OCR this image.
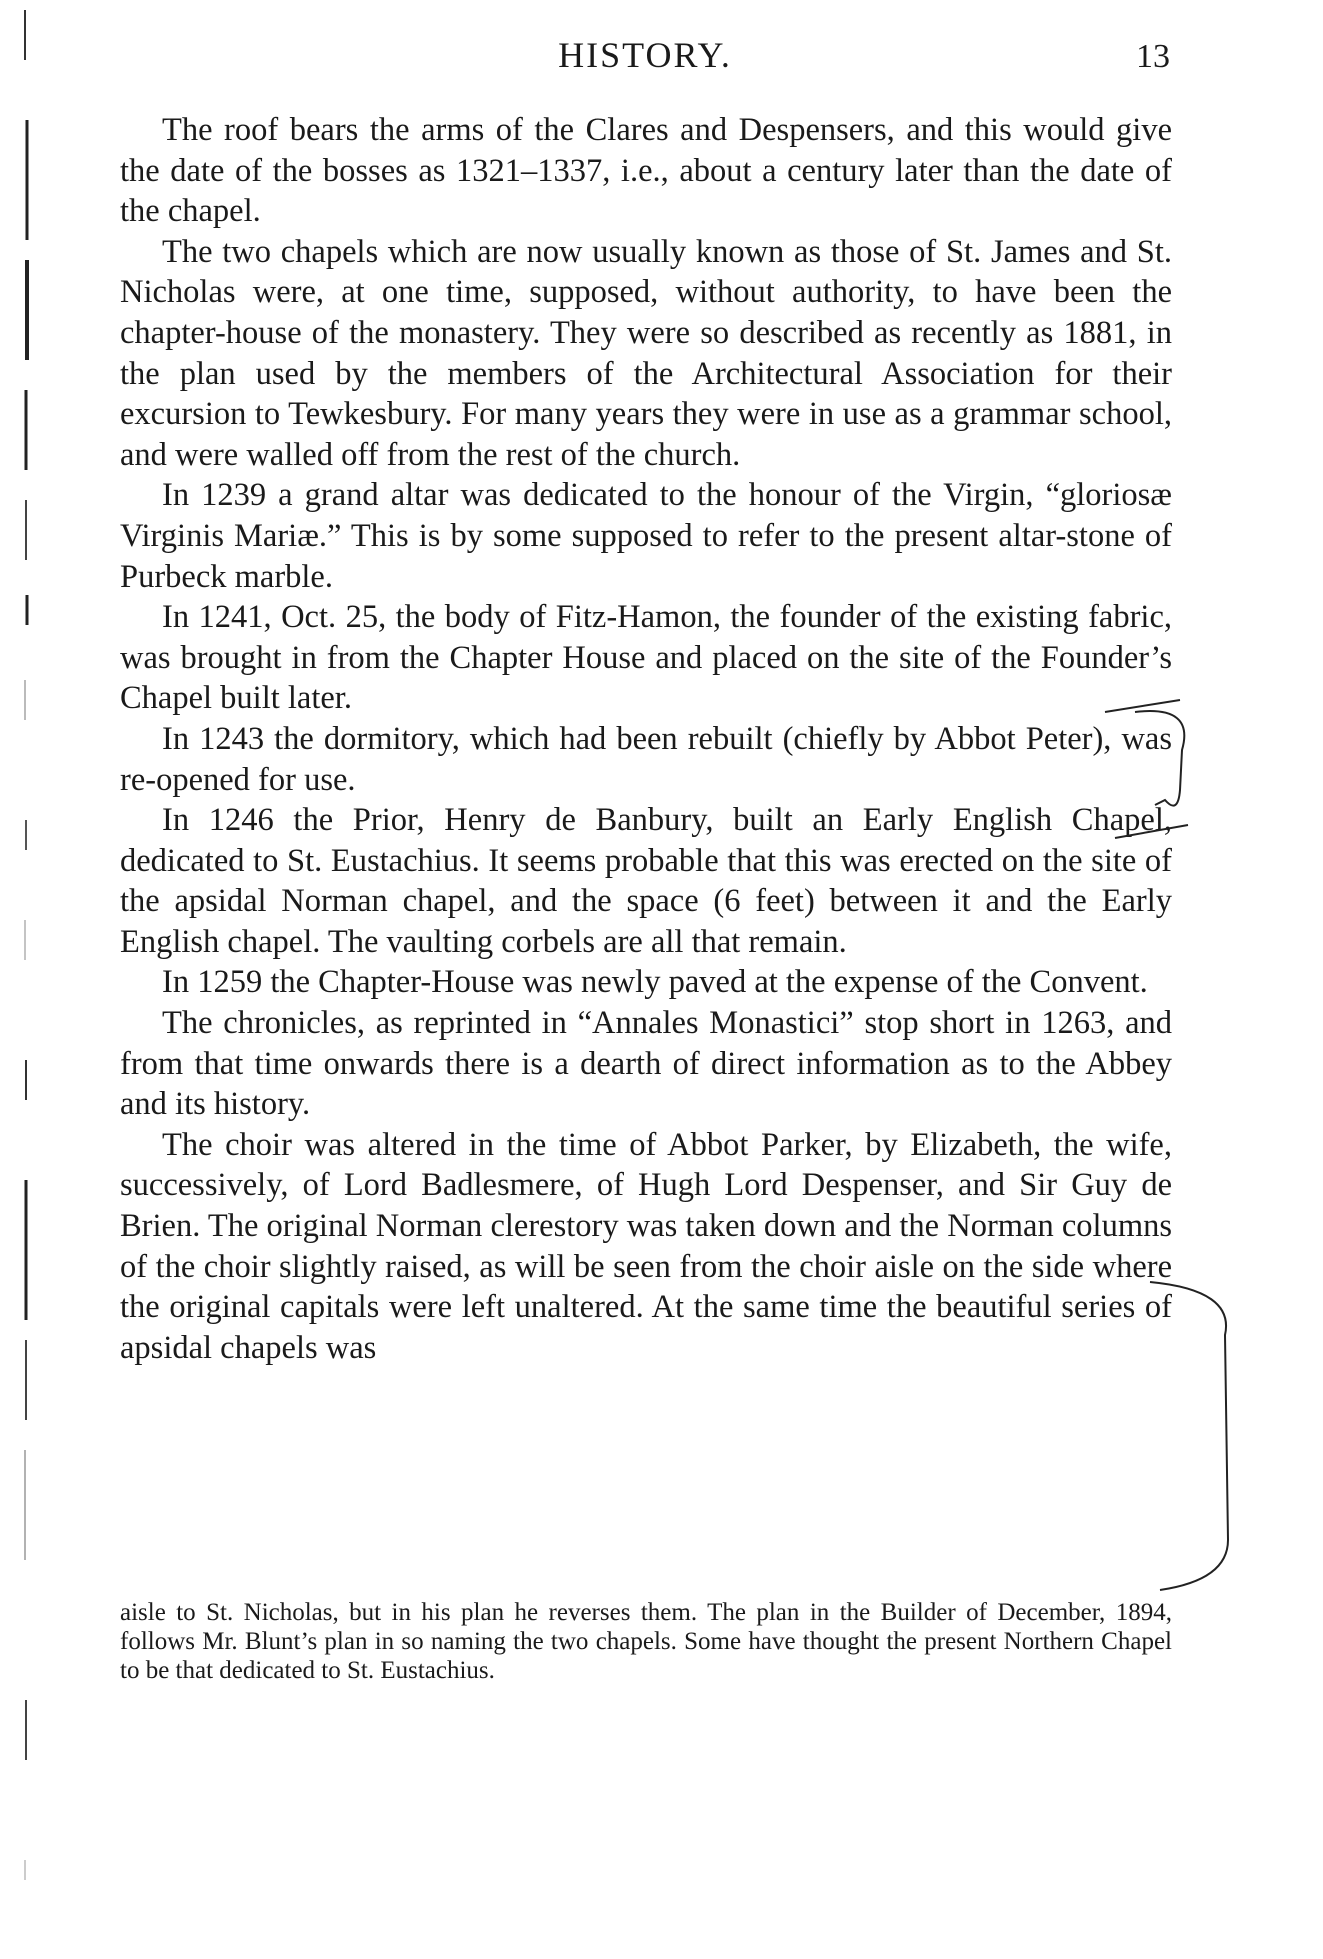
HISTORY.	13

The roof bears the arms of the Clares and Despensers, and this would give the date of the bosses as 1321–1337, i.e., about a century later than the date of the chapel.

The two chapels which are now usually known as those of St. James and St. Nicholas were, at one time, supposed, without authority, to have been the chapter-house of the monastery. They were so described as recently as 1881, in the plan used by the members of the Architectural Association for their excursion to Tewkesbury. For many years they were in use as a grammar school, and were walled off from the rest of the church.

In 1239 a grand altar was dedicated to the honour of the Virgin, “gloriosæ Virginis Mariæ.” This is by some supposed to refer to the present altar-stone of Purbeck marble.

In 1241, Oct. 25, the body of Fitz-Hamon, the founder of the existing fabric, was brought in from the Chapter House and placed on the site of the Founder’s Chapel built later.

In 1243 the dormitory, which had been rebuilt (chiefly by Abbot Peter), was re-opened for use.

In 1246 the Prior, Henry de Banbury, built an Early English Chapel, dedicated to St. Eustachius. It seems probable that this was erected on the site of the apsidal Norman chapel, and the space (6 feet) between it and the Early English chapel. The vaulting corbels are all that remain.

In 1259 the Chapter-House was newly paved at the expense of the Convent.

The chronicles, as reprinted in “Annales Monastici” stop short in 1263, and from that time onwards there is a dearth of direct information as to the Abbey and its history.

The choir was altered in the time of Abbot Parker, by Elizabeth, the wife, successively, of Lord Badlesmere, of Hugh Lord Despenser, and Sir Guy de Brien. The original Norman clerestory was taken down and the Norman columns of the choir slightly raised, as will be seen from the choir aisle on the side where the original capitals were left unaltered. At the same time the beautiful series of apsidal chapels was

aisle to St. Nicholas, but in his plan he reverses them. The plan in the Builder of December, 1894, follows Mr. Blunt’s plan in so naming the two chapels. Some have thought the present Northern Chapel to be that dedicated to St. Eustachius.
